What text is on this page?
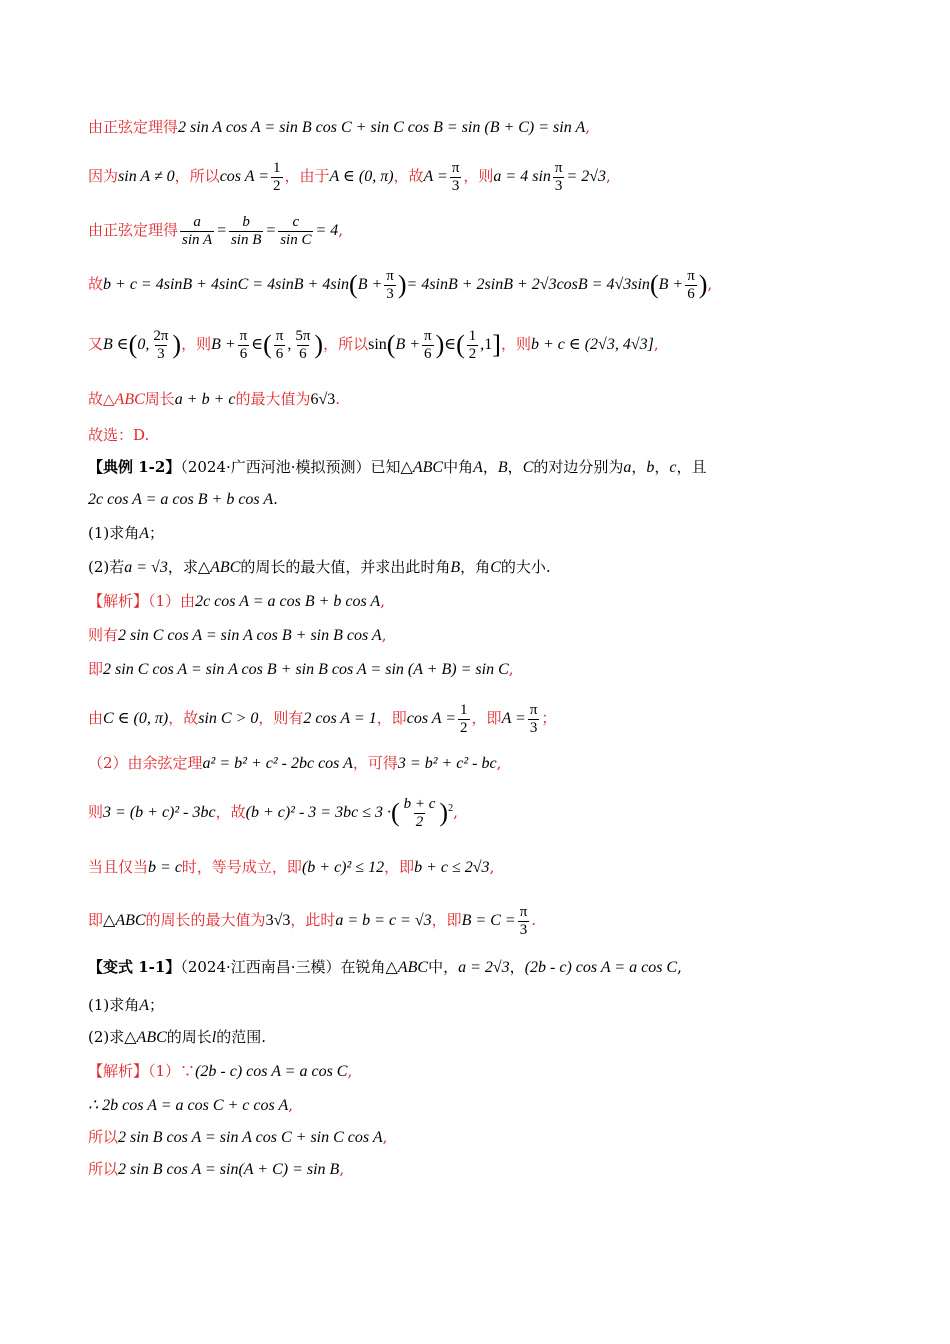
由正弦定理得2 sin A cos A = sin B cos C + sin C cos B = sin (B + C) = sin A,
因为sin A ≠ 0，所以$\cos A = \frac{1}{2}$ ，由于A ∈ (0, π)，故$A = \frac{\pi}{3}$ ，则a = 4 $\sin \frac{\pi}{3} = 2√3$,
由正弦定理得 $\frac{a}{\text{sin A}} = \frac{b}{\text{sin B}} = \frac{c}{\text{sin C}} = 4$,
故$b + c = 4\sin B + 4\sin C = 4\sin B + 4\sin(B + \frac{\pi}{3}$ )= $4\sin B + 2\sin B + 2√3\cos B = 4√3\sin(B + \frac{\pi}{6}$ ),
又B ∈(0, $\frac{2\pi}{3}$ )，则$B + \frac{\pi}{6}$ ∈( $\frac{\pi}{6}$ , $\frac{5\pi}{6}$ )，所以$\sin(B + \frac{\pi}{6}$ )∈( $\frac{1}{2} ,1$]，则b + c ∈ (2√3, 4√3],
故△ABC周长a + b + c的最大值为6√3.
故选：D.
【典例 1-2】（2024·广西河池·模拟预测）已知△ABC中角A，B，C的对边分别为a，b，c，且
2c cos A = a cos B + b cos A.
(1)求角A；
(2)若a = √3，求△ABC的周长的最大值，并求出此时角B，角C的大小.
【解析】（1）由2c cos A = a cos B + b cos A,
则有2 sin C cos A = sin A cos B + sin B cos A,
即2 sin C cos A = sin A cos B + sin B cos A = sin (A + B) = sin C,
由C ∈ (0, π)，故sin C > 0，则有2 cos A = 1，即$\cos A = \frac{1}{2}$ ，即$A = \frac{\pi}{3}$ ；
（2）由余弦定理a² = b² + c² - 2bc cos A，可得3 = b² + c² - bc,
则3 = (b + c)² - 3bc，故(b + c)² - 3 = 3bc ≤ 3 ·( $\frac{b + c}{2} )^2$,
当且仅当b = c时，等号成立，即(b + c)² ≤ 12，即b + c ≤ 2√3,
即△ABC的周长的最大值为3√3，此时a = b = c = √3，即$B = C = \frac{\pi}{3}$ .
【变式 1-1】（2024·江西南昌·三模）在锐角△ABC中，a = 2√3，(2b - c) cos A = a cos C,
(1)求角A；
(2)求△ABC的周长l的范围.
【解析】（1）∵(2b - c) cos A = a cos C,
∴ 2b cos A = a cos C + c cos A,
所以2 sin B cos A = sin A cos C + sin C cos A,
所以2 sin B cos A = sin(A + C) = sin B,
